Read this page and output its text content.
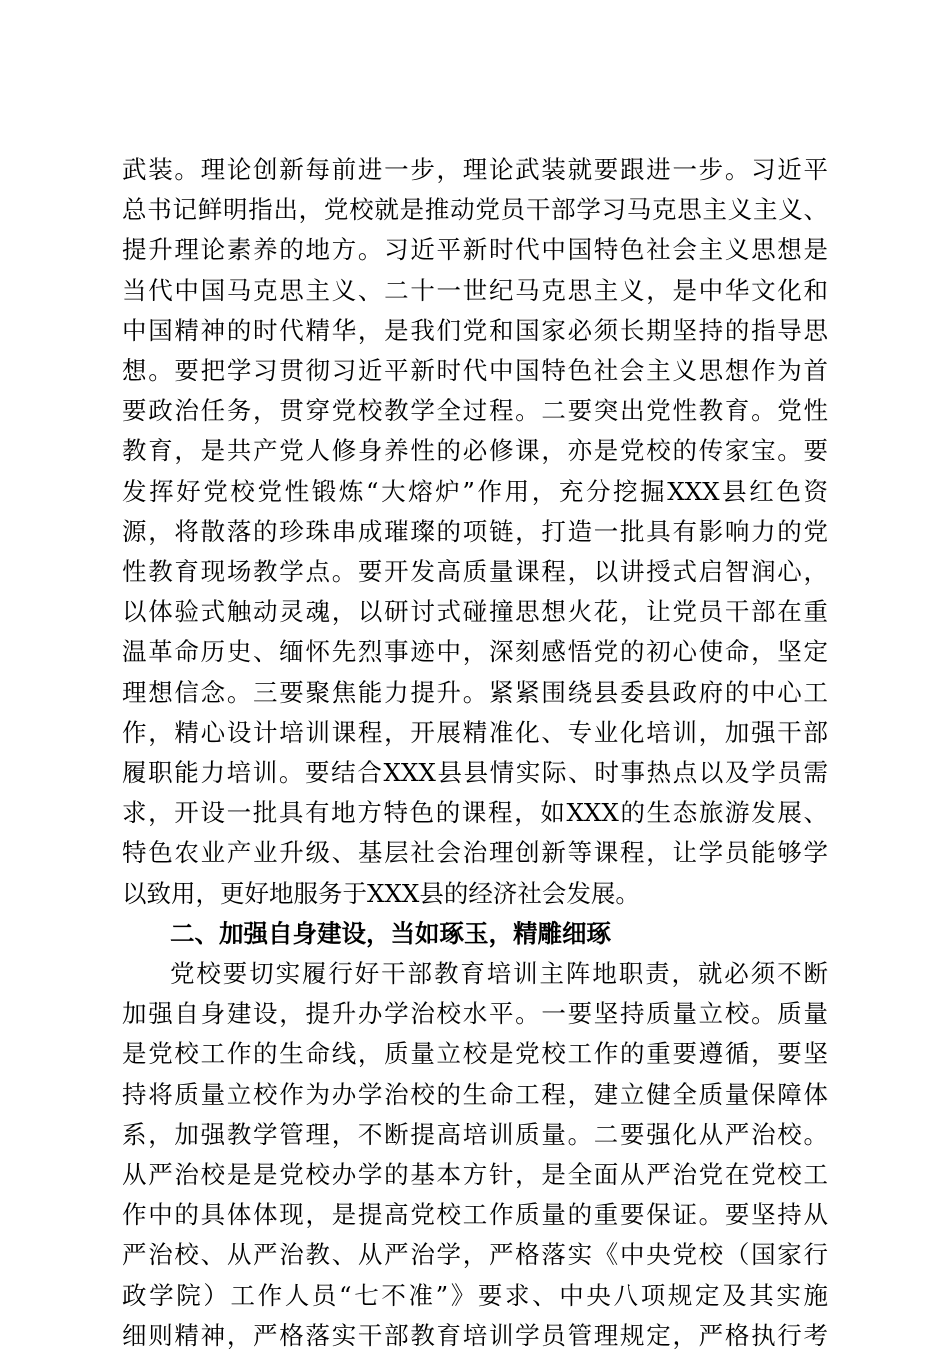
武装。理论创新每前进一步，理论武装就要跟进一步。习近平
总书记鲜明指出，党校就是推动党员干部学习马克思主义主义、
提升理论素养的地方。习近平新时代中国特色社会主义思想是
当代中国马克思主义、二十一世纪马克思主义，是中华文化和
中国精神的时代精华，是我们党和国家必须长期坚持的指导思
想。要把学习贯彻习近平新时代中国特色社会主义思想作为首
要政治任务，贯穿党校教学全过程。二要突出党性教育。党性
教育，是共产党人修身养性的必修课，亦是党校的传家宝。要
发挥好党校党性锻炼“大熔炉”作用，充分挖掘XXX县红色资
源，将散落的珍珠串成璀璨的项链，打造一批具有影响力的党
性教育现场教学点。要开发高质量课程，以讲授式启智润心，
以体验式触动灵魂，以研讨式碰撞思想火花，让党员干部在重
温革命历史、缅怀先烈事迹中，深刻感悟党的初心使命，坚定
理想信念。三要聚焦能力提升。紧紧围绕县委县政府的中心工
作，精心设计培训课程，开展精准化、专业化培训，加强干部
履职能力培训。要结合XXX县县情实际、时事热点以及学员需
求，开设一批具有地方特色的课程，如XXX的生态旅游发展、
特色农业产业升级、基层社会治理创新等课程，让学员能够学
以致用，更好地服务于XXX县的经济社会发展。
二、加强自身建设，当如琢玉，精雕细琢
党校要切实履行好干部教育培训主阵地职责，就必须不断
加强自身建设，提升办学治校水平。一要坚持质量立校。质量
是党校工作的生命线，质量立校是党校工作的重要遵循，要坚
持将质量立校作为办学治校的生命工程，建立健全质量保障体
系，加强教学管理，不断提高培训质量。二要强化从严治校。
从严治校是是党校办学的基本方针，是全面从严治党在党校工
作中的具体体现，是提高党校工作质量的重要保证。要坚持从
严治校、从严治教、从严治学，严格落实《中央党校（国家行
政学院）工作人员“七不准”》要求、中央八项规定及其实施
细则精神，严格落实干部教育培训学员管理规定，严格执行考
